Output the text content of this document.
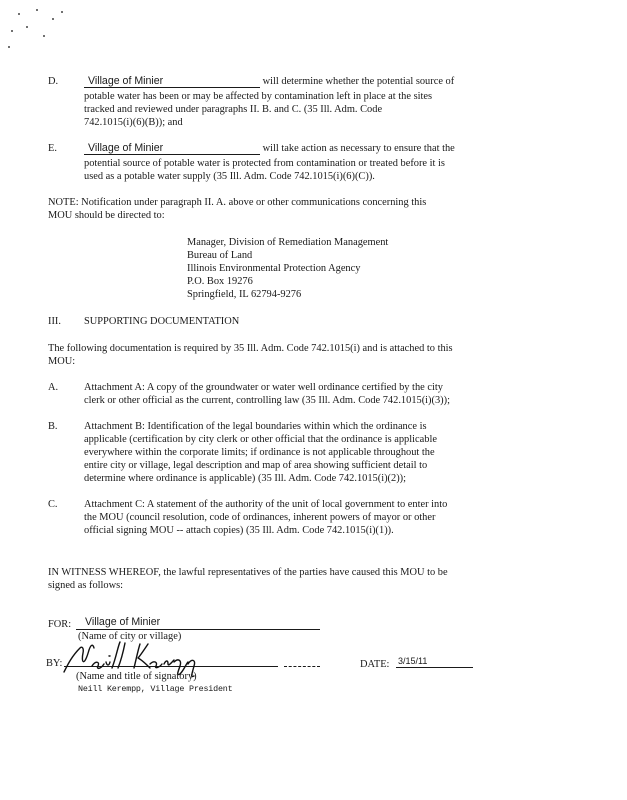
D.	Village of Minier	will determine whether the potential source of
potable water has been or may be affected by contamination left in place at the sites
tracked and reviewed under paragraphs II. B. and C. (35 Ill. Adm. Code
742.1015(i)(6)(B)); and
E.	Village of Minier	will take action as necessary to ensure that the
potential source of potable water is protected from contamination or treated before it is
used as a potable water supply (35 Ill. Adm. Code 742.1015(i)(6)(C)).
NOTE: Notification under paragraph II. A. above or other communications concerning this
MOU should be directed to:
Manager, Division of Remediation Management
Bureau of Land
Illinois Environmental Protection Agency
P.O. Box 19276
Springfield, IL 62794-9276
III. SUPPORTING DOCUMENTATION
The following documentation is required by 35 Ill. Adm. Code 742.1015(i) and is attached to this
MOU:
A. Attachment A: A copy of the groundwater or water well ordinance certified by the city
clerk or other official as the current, controlling law (35 Ill. Adm. Code 742.1015(i)(3));
B.	Attachment B: Identification of the legal boundaries within which the ordinance is
applicable (certification by city clerk or other official that the ordinance is applicable
everywhere within the corporate limits; if ordinance is not applicable throughout the
entire city or village, legal description and map of area showing sufficient detail to
determine where ordinance is applicable) (35 Ill. Adm. Code 742.1015(i)(2));
C.	Attachment C: A statement of the authority of the unit of local government to enter into
the MOU (council resolution, code of ordinances, inherent powers of mayor or other
official signing MOU -- attach copies) (35 Ill. Adm. Code 742.1015(i)(1)).
IN WITNESS WHEREOF, the lawful representatives of the parties have caused this MOU to be
signed as follows:
FOR: Village of Minier
(Name of city or village)
BY:
(Name and title of signatory)
Neill Kerempp, Village President
DATE: 3/15/11
